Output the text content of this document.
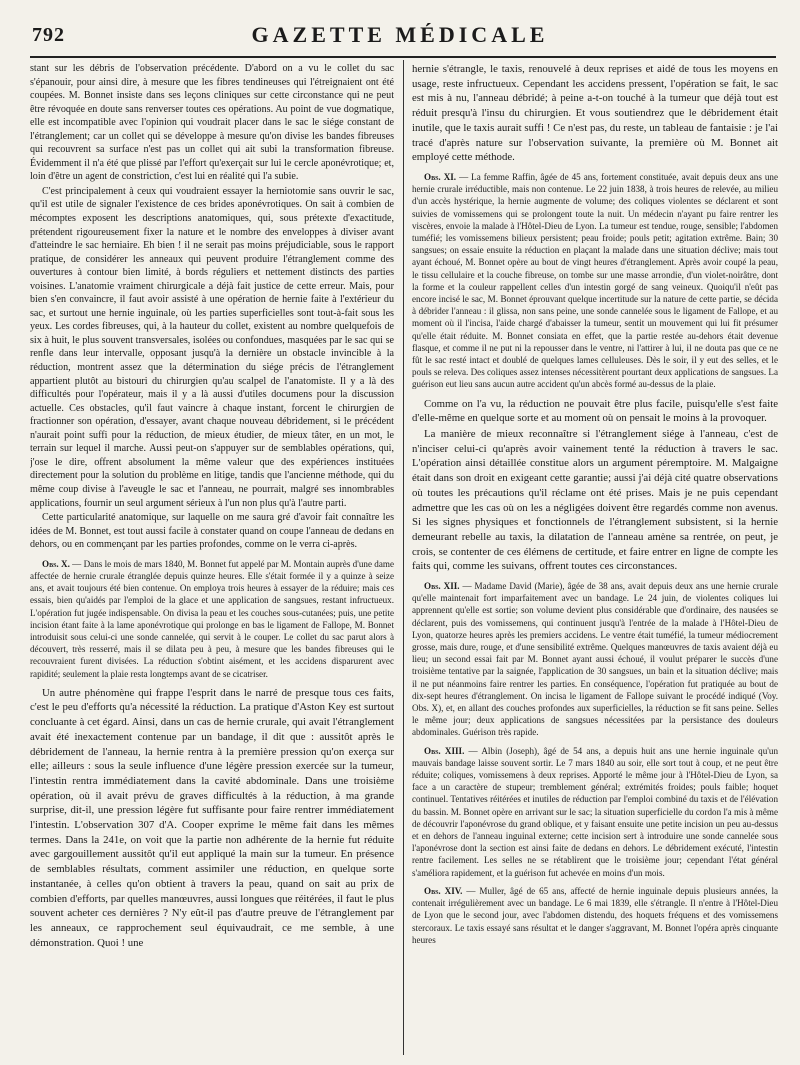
792	GAZETTE MÉDICALE

stant sur les débris de l'observation précédente. D'abord on a vu le collet du sac s'épanouir, pour ainsi dire, à mesure que les fibres tendineuses qui l'étreignaient ont été coupées. M. Bonnet insiste dans ses leçons cliniques sur cette circonstance qui ne peut être révoquée en doute sans renverser toutes ces opérations. Au point de vue dogmatique, elle est incompatible avec l'opinion qui voudrait placer dans le sac le siége constant de l'étranglement; car un collet qui se développe à mesure qu'on divise les bandes fibreuses qui recouvrent sa surface n'est pas un collet qui ait subi la transformation fibreuse. Évidemment il n'a été que plissé par l'effort qu'exerçait sur lui le cercle aponévrotique; et, loin d'être un agent de constriction, c'est lui en réalité qui l'a subie.

C'est principalement à ceux qui voudraient essayer la herniotomie sans ouvrir le sac, qu'il est utile de signaler l'existence de ces brides aponévrotiques. On sait à combien de mécomptes exposent les descriptions anatomiques, qui, sous prétexte d'exactitude, prétendent rigoureusement fixer la nature et le nombre des enveloppes à diviser avant d'atteindre le sac herniaire. Eh bien ! il ne serait pas moins préjudiciable, sous le rapport pratique, de considérer les anneaux qui peuvent produire l'étranglement comme des ouvertures à contour bien limité, à bords réguliers et nettement distincts des parties voisines. L'anatomie vraiment chirurgicale a déjà fait justice de cette erreur. Mais, pour bien s'en convaincre, il faut avoir assisté à une opération de hernie faite à l'extérieur du sac, et surtout une hernie inguinale, où les parties superficielles sont tout-à-fait sous les yeux. Les cordes fibreuses, qui, à la hauteur du collet, existent au nombre quelquefois de six à huit, le plus souvent transversales, isolées ou confondues, masquées par le sac qui se renfle dans leur intervalle, opposant jusqu'à la dernière un obstacle invincible à la réduction, montrent assez que la détermination du siége précis de l'étranglement appartient plutôt au bistouri du chirurgien qu'au scalpel de l'anatomiste. Il y a là des difficultés pour l'opérateur, mais il y a là aussi d'utiles documens pour la discussion actuelle. Ces obstacles, qu'il faut vaincre à chaque instant, forcent le chirurgien de fractionner son opération, d'essayer, avant chaque nouveau débridement, si le précédent n'aurait point suffi pour la réduction, de mieux étudier, de mieux tâter, en un mot, le terrain sur lequel il marche. Aussi peut-on s'appuyer sur de semblables opérations, qui, j'ose le dire, offrent absolument la même valeur que des expériences instituées directement pour la solution du problème en litige, tandis que l'ancienne méthode, qui du même coup divise à l'aveugle le sac et l'anneau, ne pourrait, malgré ses innombrables applications, fournir un seul argument sérieux à l'un non plus qu'à l'autre parti.

Cette particularité anatomique, sur laquelle on me saura gré d'avoir fait connaître les idées de M. Bonnet, est tout aussi facile à constater quand on coupe l'anneau de dedans en dehors, ou en commençant par les parties profondes, comme on le verra ci-après.

Obs. X. — Dans le mois de mars 1840, M. Bonnet fut appelé par M. Montain auprès d'une dame affectée de hernie crurale étranglée depuis quinze heures. Elle s'était formée il y a quinze à seize ans, et avait toujours été bien contenue. On employa trois heures à essayer de la réduire; mais ces essais, bien qu'aidés par l'emploi de la glace et une application de sangsues, restant infructueux. L'opération fut jugée indispensable. On divisa la peau et les couches sous-cutanées; puis, une petite incision étant faite à la lame aponévrotique qui prolonge en bas le ligament de Fallope, M. Bonnet introduisit sous celui-ci une sonde cannelée, qui servit à le couper. Le collet du sac parut alors à découvert, très resserré, mais il se dilata peu à peu, à mesure que les bandes fibreuses qui le recouvraient furent divisées. La réduction s'obtint aisément, et les accidens disparurent avec rapidité; seulement la plaie resta longtemps avant de se cicatriser.

Un autre phénomène qui frappe l'esprit dans le narré de presque tous ces faits, c'est le peu d'efforts qu'a nécessité la réduction. La pratique d'Aston Key est surtout concluante à cet égard. Ainsi, dans un cas de hernie crurale, qui avait l'étranglement avait été inexactement contenue par un bandage, il dit que : aussitôt après le débridement de l'anneau, la hernie rentra à la première pression qu'on exerça sur elle; ailleurs : sous la seule influence d'une légère pression exercée sur la tumeur, l'intestin rentra immédiatement dans la cavité abdominale. Dans une troisième opération, où il avait prévu de graves difficultés à la réduction, à ma grande surprise, dit-il, une pression légère fut suffisante pour faire rentrer immédiatement l'intestin. L'observation 307 d'A. Cooper exprime le même fait dans les mêmes termes. Dans la 241e, on voit que la partie non adhérente de la hernie fut réduite avec gargouillement aussitôt qu'il eut appliqué la main sur la tumeur. En présence de semblables résultats, comment assimiler une réduction, en quelque sorte instantanée, à celles qu'on obtient à travers la peau, quand on sait au prix de combien d'efforts, par quelles manœuvres, aussi longues que réitérées, il faut le plus souvent acheter ces dernières ? N'y eût-il pas d'autre preuve de l'étranglement par les anneaux, ce rapprochement seul équivaudrait, ce me semble, à une démonstration. Quoi ! une

hernie s'étrangle, le taxis, renouvelé à deux reprises et aidé de tous les moyens en usage, reste infructueux. Cependant les accidens pressent, l'opération se fait, le sac est mis à nu, l'anneau débridé; à peine a-t-on touché à la tumeur que déjà tout est réduit presqu'à l'insu du chirurgien. Et vous soutiendrez que le débridement était inutile, que le taxis aurait suffi ! Ce n'est pas, du reste, un tableau de fantaisie : je l'ai tracé d'après nature sur l'observation suivante, la première où M. Bonnet ait employé cette méthode.

Obs. XI. — La femme Raffin, âgée de 45 ans, fortement constituée, avait depuis deux ans une hernie crurale irréductible, mais non contenue. Le 22 juin 1838, à trois heures de relevée, au milieu d'un accès hystérique, la hernie augmente de volume; des coliques violentes se déclarent et sont suivies de vomissemens qui se prolongent toute la nuit. Un médecin n'ayant pu faire rentrer les viscères, envoie la malade à l'Hôtel-Dieu de Lyon. La tumeur est tendue, rouge, sensible; l'abdomen tuméfié; les vomissemens bilieux persistent; peau froide; pouls petit; agitation extrême. Bain; 30 sangsues; on essaie ensuite la réduction en plaçant la malade dans une situation déclive; mais tout ayant échoué, M. Bonnet opère au bout de vingt heures d'étranglement. Après avoir coupé la peau, le tissu cellulaire et la couche fibreuse, on tombe sur une masse arrondie, d'un violet-noirâtre, dont la forme et la couleur rappellent celles d'un intestin gorgé de sang veineux. Quoiqu'il n'eût pas encore incisé le sac, M. Bonnet éprouvant quelque incertitude sur la nature de cette partie, se décida à débrider l'anneau : il glissa, non sans peine, une sonde cannelée sous le ligament de Fallope, et au moment où il l'incisa, l'aide chargé d'abaisser la tumeur, sentit un mouvement qui lui fit présumer qu'elle était réduite. M. Bonnet consiata en effet, que la partie restée au-dehors était devenue flasque, et comme il ne put ni la repousser dans le ventre, ni l'attirer à lui, il ne douta pas que ce ne fût le sac resté intact et doublé de quelques lames celluleuses. Dès le soir, il y eut des selles, et le pouls se releva. Des coliques assez intenses nécessitèrent pourtant deux applications de sangsues. La guérison eut lieu sans aucun autre accident qu'un abcès formé au-dessus de la plaie.

Comme on l'a vu, la réduction ne pouvait être plus facile, puisqu'elle s'est faite d'elle-même en quelque sorte et au moment où on pensait le moins à la provoquer.

La manière de mieux reconnaître si l'étranglement siége à l'anneau, c'est de n'inciser celui-ci qu'après avoir vainement tenté la réduction à travers le sac. L'opération ainsi détaillée constitue alors un argument péremptoire. M. Malgaigne était dans son droit en exigeant cette garantie; aussi j'ai déjà cité quatre observations où toutes les précautions qu'il réclame ont été prises. Mais je ne puis cependant admettre que les cas où on les a négligées doivent être regardés comme non avenus. Si les signes physiques et fonctionnels de l'étranglement subsistent, si la hernie demeurant rebelle au taxis, la dilatation de l'anneau amène sa rentrée, on peut, je crois, se contenter de ces élémens de certitude, et faire entrer en ligne de compte les faits qui, comme les suivans, offrent toutes ces circonstances.

Obs. XII. — Madame David (Marie), âgée de 38 ans, avait depuis deux ans une hernie crurale qu'elle maintenait fort imparfaitement avec un bandage. Le 24 juin, de violentes coliques lui apprennent qu'elle est sortie; son volume devient plus considérable que d'ordinaire, des nausées se déclarent, puis des vomissemens, qui continuent jusqu'à l'entrée de la malade à l'Hôtel-Dieu de Lyon, quatorze heures après les premiers accidens. Le ventre était tuméfié, la tumeur médiocrement grosse, mais dure, rouge, et d'une sensibilité extrême. Quelques manœuvres de taxis avaient déjà eu lieu; un second essai fait par M. Bonnet ayant aussi échoué, il voulut préparer le succès d'une troisième tentative par la saignée, l'application de 30 sangsues, un bain et la situation déclive; mais il ne put néanmoins faire rentrer les parties. En conséquence, l'opération fut pratiquée au bout de dix-sept heures d'étranglement. On incisa le ligament de Fallope suivant le procédé indiqué (Voy. Obs. X), et, en allant des couches profondes aux superficielles, la réduction se fit sans peine. Selles le même jour; deux applications de sangsues nécessitées par la persistance des douleurs abdominales. Guérison très rapide.

Obs. XIII. — Albin (Joseph), âgé de 54 ans, a depuis huit ans une hernie inguinale qu'un mauvais bandage laisse souvent sortir. Le 7 mars 1840 au soir, elle sort tout à coup, et ne peut être réduite; coliques, vomissemens à deux reprises. Apporté le même jour à l'Hôtel-Dieu de Lyon, sa face a un caractère de stupeur; tremblement général; extrémités froides; pouls faible; hoquet continuel. Tentatives réitérées et inutiles de réduction par l'emploi combiné du taxis et de l'élévation du bassin. M. Bonnet opère en arrivant sur le sac; la situation superficielle du cordon l'a mis à même de découvrir l'aponévrose du grand oblique, et y faisant ensuite une petite incision un peu au-dessus et en dehors de l'anneau inguinal externe; cette incision sert à introduire une sonde cannelée sous l'aponévrose dont la section est ainsi faite de dedans en dehors. Le débridement exécuté, l'intestin rentre facilement. Les selles ne se rétablirent que le troisième jour; cependant l'état général s'améliora rapidement, et la guérison fut achevée en moins d'un mois.

Obs. XIV. — Muller, âgé de 65 ans, affecté de hernie inguinale depuis plusieurs années, la contenait irrégulièrement avec un bandage. Le 6 mai 1839, elle s'étrangle. Il n'entre à l'Hôtel-Dieu de Lyon que le second jour, avec l'abdomen distendu, des hoquets fréquens et des vomissemens stercoraux. Le taxis essayé sans résultat et le danger s'aggravant, M. Bonnet l'opéra après cinquante heures
